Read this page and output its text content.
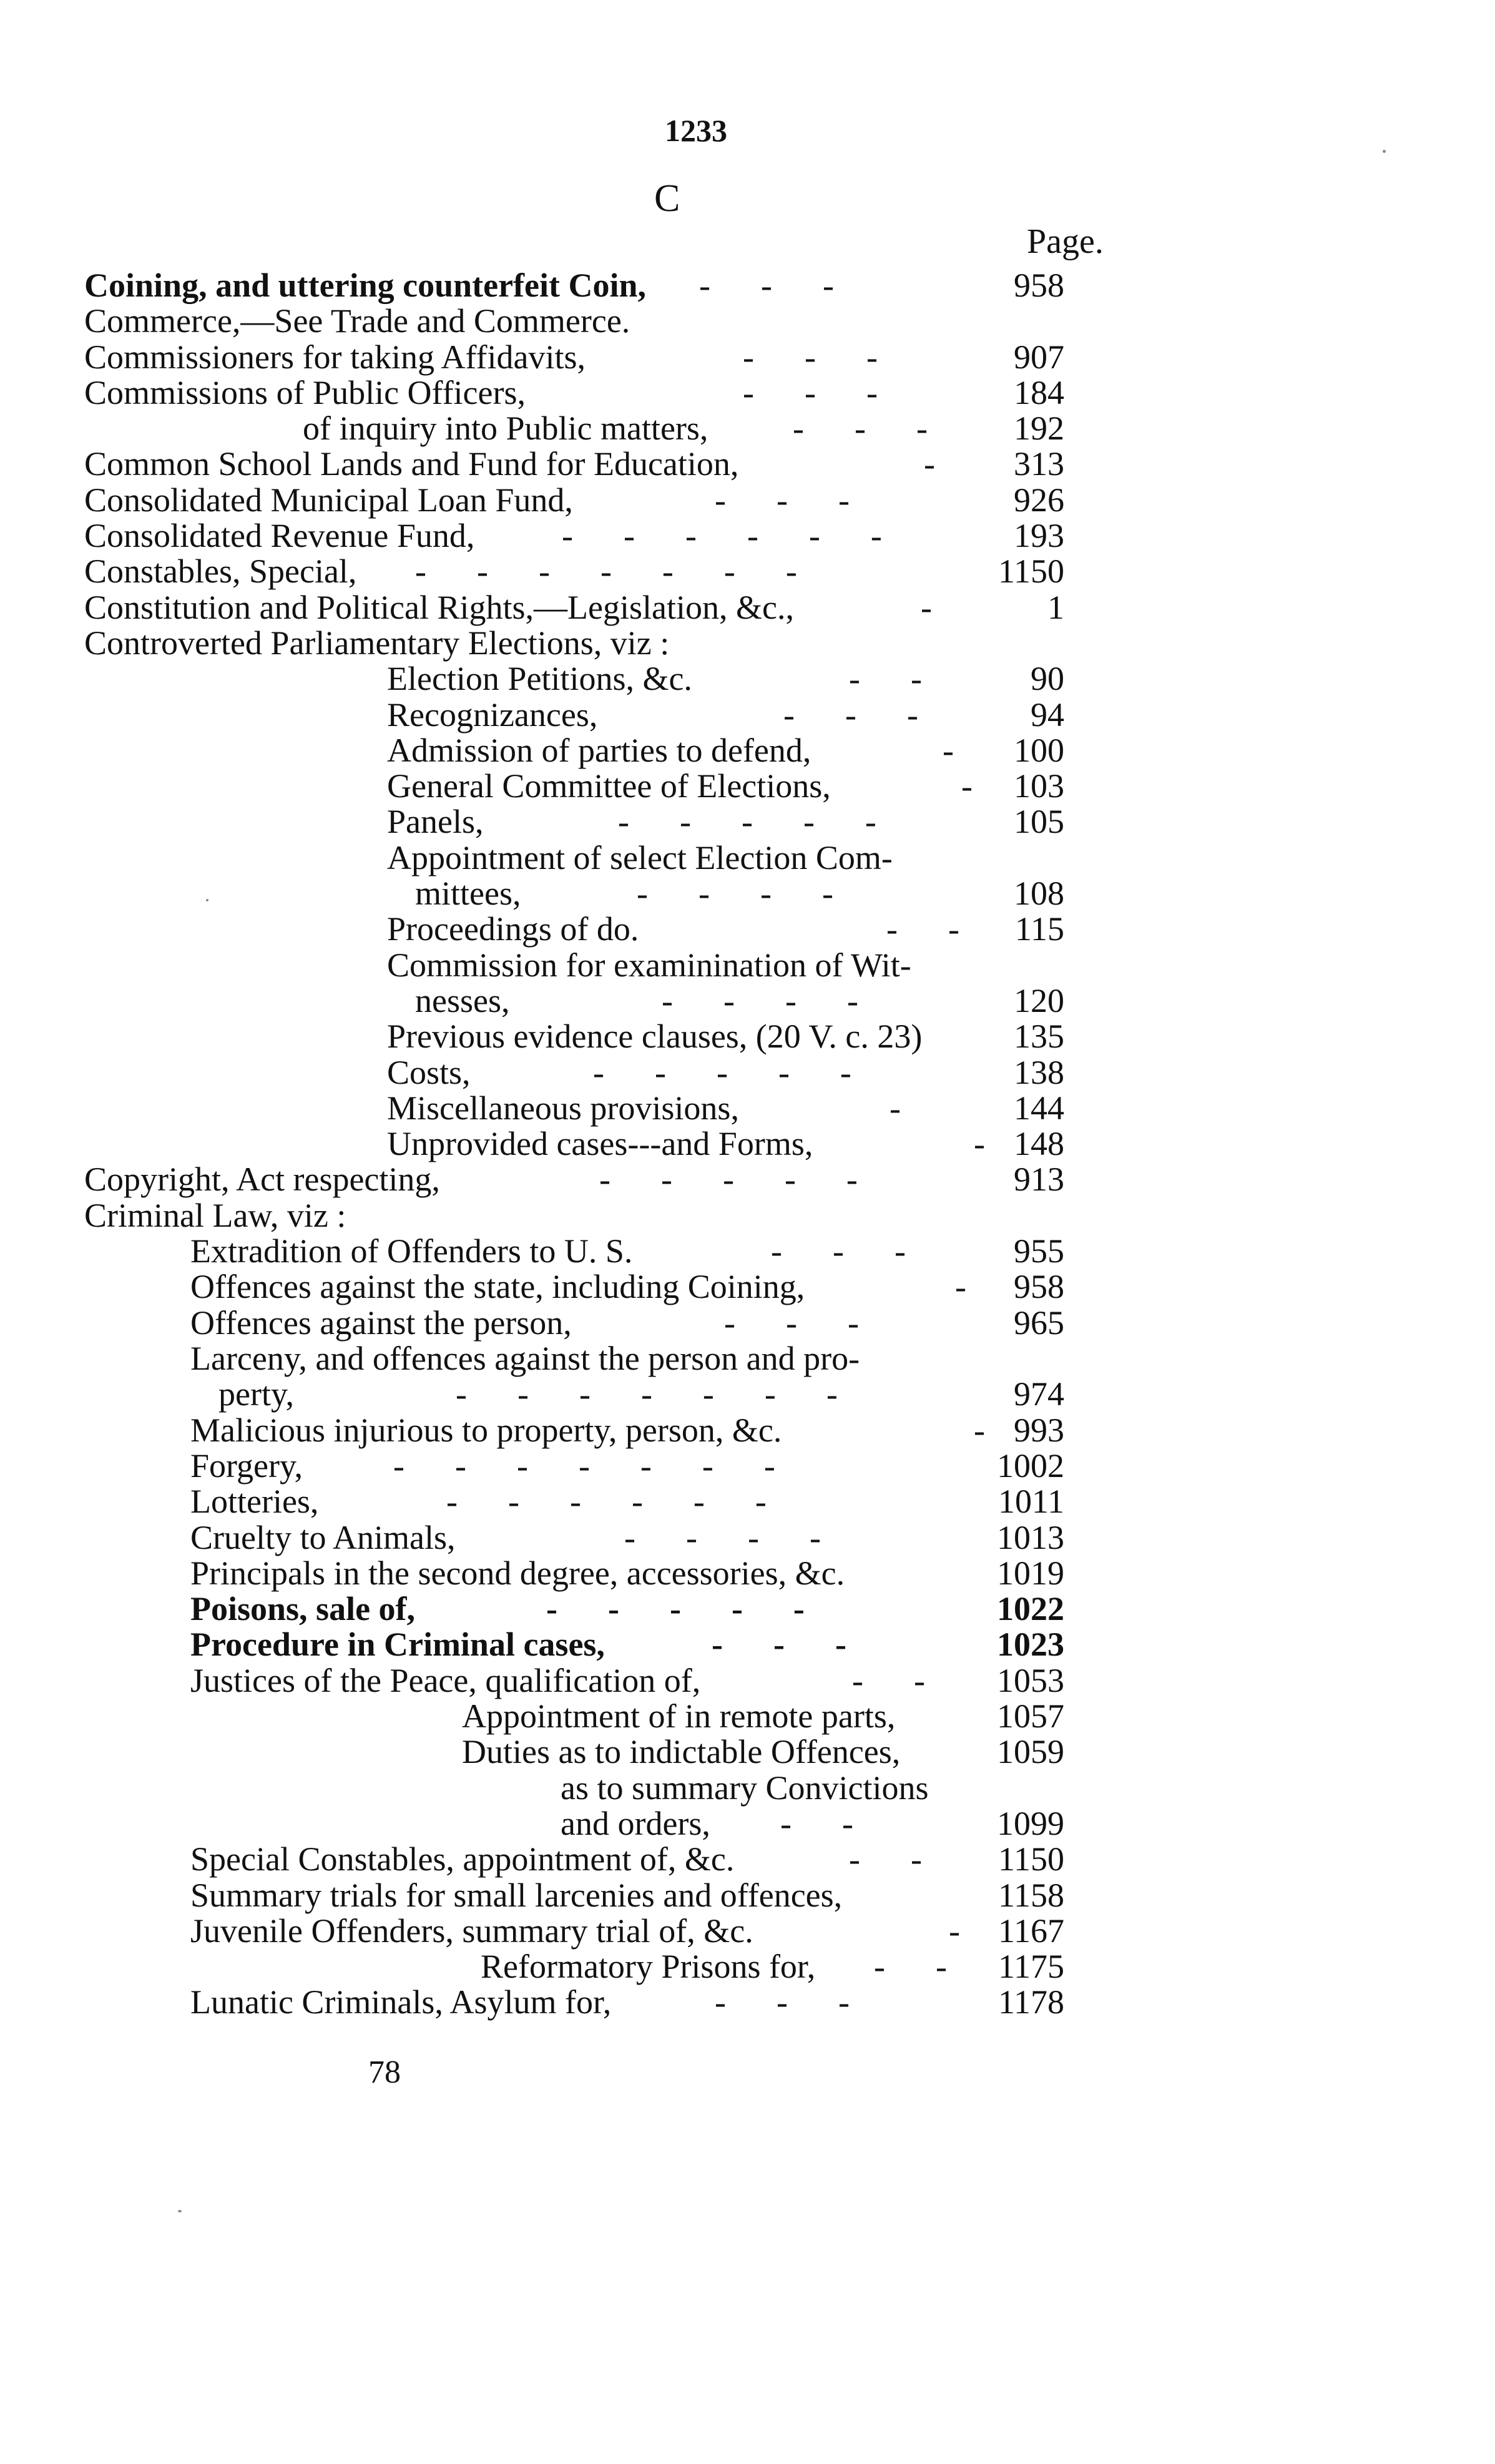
1233
C
Page.
Coining, and uttering counterfeit Coin, -      -      -	958
Commerce,—See Trade and Commerce.
Commissioners for taking Affidavits,	-      -      -	907
Commissions of Public Officers,	-      -      -	184
of inquiry into Public matters,	-      -      -	192
Common School Lands and Fund for Education,	- 313
Consolidated Municipal Loan Fund,	-      -      -	926
Consolidated Revenue Fund,	-      -      -      -      -      -	193
Constables, Special, -      -      -      -      -      -      -	1150
Constitution and Political Rights,—Legislation, &c.,	-	1
Controverted Parliamentary Elections, viz :
Election Petitions, &c.	-      -	90
Recognizances,	-      -      -	94
Admission of parties to defend,	- 100
General Committee of Elections,	- 103
Panels,	-      -      -      -      -	105
Appointment of select Election Com-
mittees,	-      -      -      -	108
Proceedings of do.	-      - 115
Commission for examinination of Wit-
nesses,	-      -      -      -	120
Previous evidence clauses, (20 V. c. 23)	135
Costs,	-      -      -      -      -	138
Miscellaneous provisions,	-	144
Unprovided cases---and Forms,	- 148
Copyright, Act respecting,	-      -      -      -      -	913
Criminal Law, viz :
Extradition of Offenders to U. S.	-      -      -	955
Offences against the state, including Coining,	- 958
Offences against the person,	-      -      -	965
Larceny, and offences against the person and pro-
perty,	-      -      -      -      -      -      -	974
Malicious injurious to property, person, &c.	- 993
Forgery,	-      -      -      -      -      -      -	1002
Lotteries,	-      -      -      -      -      -	1011
Cruelty to Animals,	-      -      -      -	1013
Principals in the second degree, accessories, &c.	1019
Poisons, sale of,	-      -      -      -      -	1022
Procedure in Criminal cases,	-      -      -	1023
Justices of the Peace, qualification of,	-      - 1053
Appointment of in remote parts,	1057
Duties as to indictable Offences,	1059
as to summary Convictions
and orders, -      -	1099
Special Constables, appointment of, &c.	-      - 1150
Summary trials for small larcenies and offences,	1158
Juvenile Offenders, summary trial of, &c.	- 1167
Reformatory Prisons for, -      - 1175
Lunatic Criminals, Asylum for,	-      -      -	1178
78
